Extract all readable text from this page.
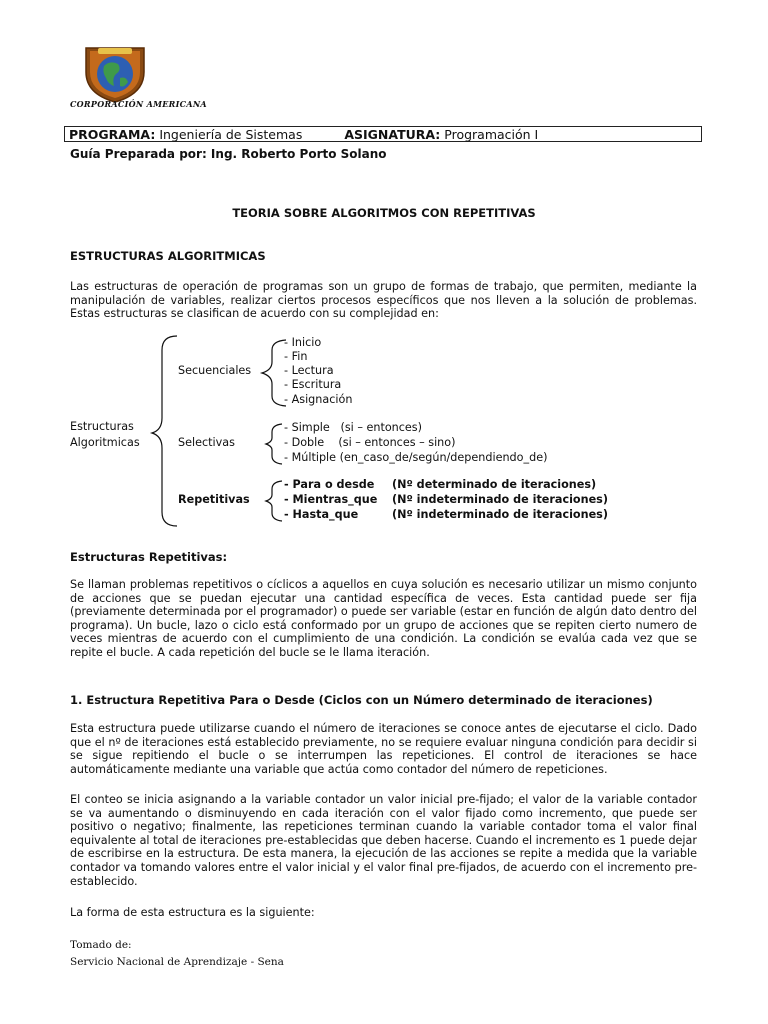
CORPORACIÓN AMERICANA
PROGRAMA: Ingeniería de Sistemas	ASIGNATURA: Programación I
Guía Preparada por: Ing. Roberto Porto Solano
TEORIA SOBRE ALGORITMOS CON REPETITIVAS
ESTRUCTURAS ALGORITMICAS
Las estructuras de operación de programas son un grupo de formas de trabajo, que permiten, mediante la manipulación de variables, realizar ciertos procesos específicos que nos lleven a la solución de problemas. Estas estructuras se clasifican de acuerdo con su complejidad en:
Estructuras
Algoritmicas
Secuenciales
- Inicio
- Fin
- Lectura
- Escritura
- Asignación
Selectivas
- Simple   (si – entonces)
- Doble    (si – entonces – sino)
- Múltiple (en_caso_de/según/dependiendo_de)
Repetitivas
- Para o desde (Nº determinado de iteraciones)
- Mientras_que (Nº indeterminado de iteraciones)
- Hasta_que	(Nº indeterminado de iteraciones)
Estructuras Repetitivas:
Se llaman problemas repetitivos o cíclicos a aquellos en cuya solución es necesario utilizar un mismo conjunto de acciones que se puedan ejecutar una cantidad específica de veces. Esta cantidad puede ser fija (previamente determinada por el programador) o puede ser variable (estar en función de algún dato dentro del programa). Un bucle, lazo o ciclo está conformado por un grupo de acciones que se repiten cierto numero de veces mientras de acuerdo con el cumplimiento de una condición. La condición se evalúa cada vez que se repite el bucle. A cada repetición del bucle se le llama iteración.
1. Estructura Repetitiva Para o Desde (Ciclos con un Número determinado de iteraciones)
Esta estructura puede utilizarse cuando el número de iteraciones se conoce antes de ejecutarse el ciclo. Dado que el nº de iteraciones está establecido previamente, no se requiere evaluar ninguna condición para decidir si se sigue repitiendo el bucle o se interrumpen las repeticiones. El control de iteraciones se hace automáticamente mediante una variable que actúa como contador del número de repeticiones.
El conteo se inicia asignando a la variable contador un valor inicial pre-fijado; el valor de la variable contador se va aumentando o disminuyendo en cada iteración con el valor fijado como incremento, que puede ser positivo o negativo; finalmente, las repeticiones terminan cuando la variable contador toma el valor final equivalente al total de iteraciones pre-establecidas que deben hacerse. Cuando el incremento es 1 puede dejar de escribirse en la estructura. De esta manera, la ejecución de las acciones se repite a medida que la variable contador va tomando valores entre el valor inicial y el valor final pre-fijados, de acuerdo con el incremento pre-establecido.
La forma de esta estructura es la siguiente:
Tomado de:
Servicio Nacional de Aprendizaje - Sena
